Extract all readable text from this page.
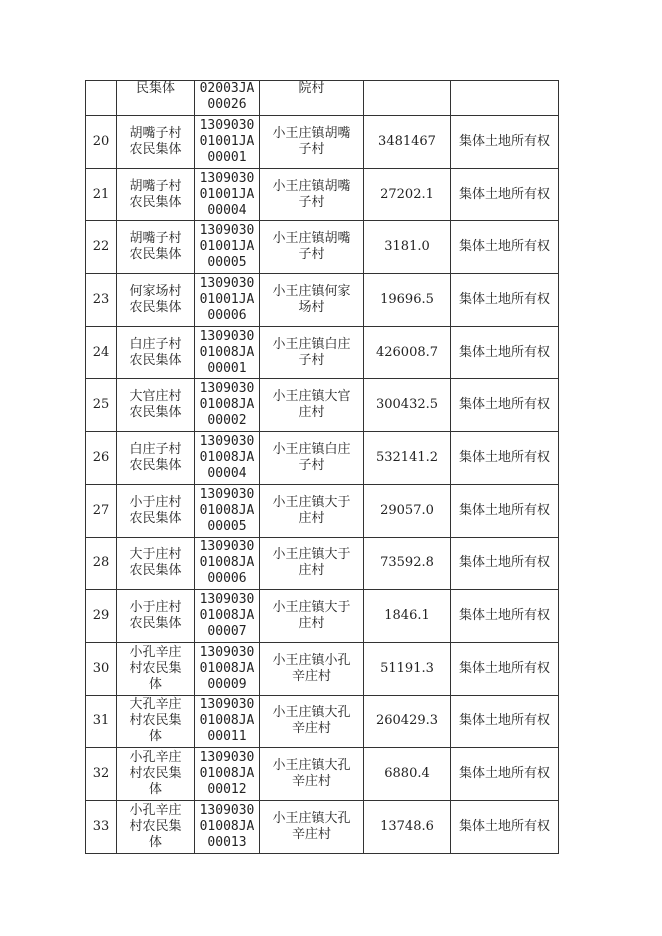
	民集体	02003JA
00026	院村		

20	胡嘴子村
农民集体	1309030
01001JA
00001	小王庄镇胡嘴
子村	3481467	集体土地所有权
21	胡嘴子村
农民集体	1309030
01001JA
00004	小王庄镇胡嘴
子村	27202.1	集体土地所有权
22	胡嘴子村
农民集体	1309030
01001JA
00005	小王庄镇胡嘴
子村	3181.0	集体土地所有权
23	何家场村
农民集体	1309030
01001JA
00006	小王庄镇何家
场村	19696.5	集体土地所有权
24	白庄子村
农民集体	1309030
01008JA
00001	小王庄镇白庄
子村	426008.7	集体土地所有权
25	大官庄村
农民集体	1309030
01008JA
00002	小王庄镇大官
庄村	300432.5	集体土地所有权
26	白庄子村
农民集体	1309030
01008JA
00004	小王庄镇白庄
子村	532141.2	集体土地所有权
27	小于庄村
农民集体	1309030
01008JA
00005	小王庄镇大于
庄村	29057.0	集体土地所有权
28	大于庄村
农民集体	1309030
01008JA
00006	小王庄镇大于
庄村	73592.8	集体土地所有权
29	小于庄村
农民集体	1309030
01008JA
00007	小王庄镇大于
庄村	1846.1	集体土地所有权
30	小孔辛庄
村农民集
体	1309030
01008JA
00009	小王庄镇小孔
辛庄村	51191.3	集体土地所有权
31	大孔辛庄
村农民集
体	1309030
01008JA
00011	小王庄镇大孔
辛庄村	260429.3	集体土地所有权
32	小孔辛庄
村农民集
体	1309030
01008JA
00012	小王庄镇大孔
辛庄村	6880.4	集体土地所有权
33	小孔辛庄
村农民集
体	1309030
01008JA
00013	小王庄镇大孔
辛庄村	13748.6	集体土地所有权
